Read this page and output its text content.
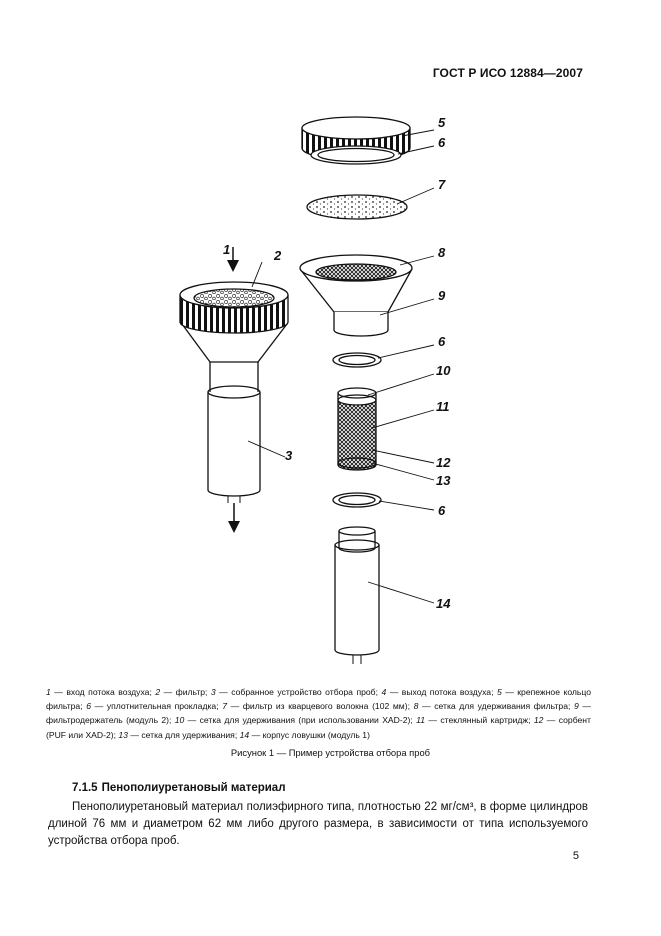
ГОСТ Р ИСО 12884—2007
1	2
3
5
6
7
8
9
6
10
11
12
13
6
14
1 — вход потока воздуха; 2 — фильтр; 3 — собранное устройство отбора проб; 4 — выход потока воздуха; 5 — крепежное кольцо фильтра; 6 — уплотнительная прокладка; 7 — фильтр из кварцевого волокна (102 мм); 8 — сетка для удерживания фильтра; 9 — фильтродержатель (модуль 2); 10 — сетка для удерживания (при использовании XAD-2); 11 — стеклянный картридж; 12 — сорбент (PUF или XAD-2); 13 — сетка для удерживания; 14 — корпус ловушки (модуль 1)
Рисунок 1 — Пример устройства отбора проб
7.1.5 Пенополиуретановый материал
Пенополиуретановый материал полиэфирного типа, плотностью 22 мг/см³, в форме цилиндров длиной 76 мм и диаметром 62 мм либо другого размера, в зависимости от типа используемого устройства отбора проб.
5
